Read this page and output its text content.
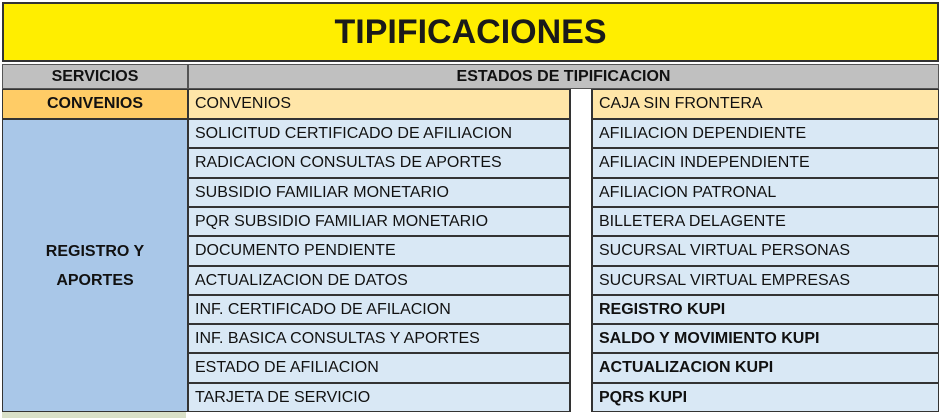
TIPIFICACIONES
SERVICIOS	ESTADOS DE TIPIFICACION
CONVENIOS	CONVENIOS	CAJA SIN FRONTERA
REGISTRO Y
APORTES
SOLICITUD CERTIFICADO DE AFILIACION	AFILIACION DEPENDIENTE
RADICACION CONSULTAS DE APORTES	AFILIACIN INDEPENDIENTE
SUBSIDIO FAMILIAR MONETARIO	AFILIACION PATRONAL
PQR SUBSIDIO FAMILIAR MONETARIO	BILLETERA DELAGENTE
DOCUMENTO PENDIENTE	SUCURSAL VIRTUAL PERSONAS
ACTUALIZACION DE DATOS	SUCURSAL VIRTUAL EMPRESAS
INF. CERTIFICADO DE AFILACION	REGISTRO KUPI
INF. BASICA CONSULTAS Y APORTES	SALDO Y MOVIMIENTO KUPI
ESTADO DE AFILIACION	ACTUALIZACION KUPI
TARJETA DE SERVICIO	PQRS KUPI
